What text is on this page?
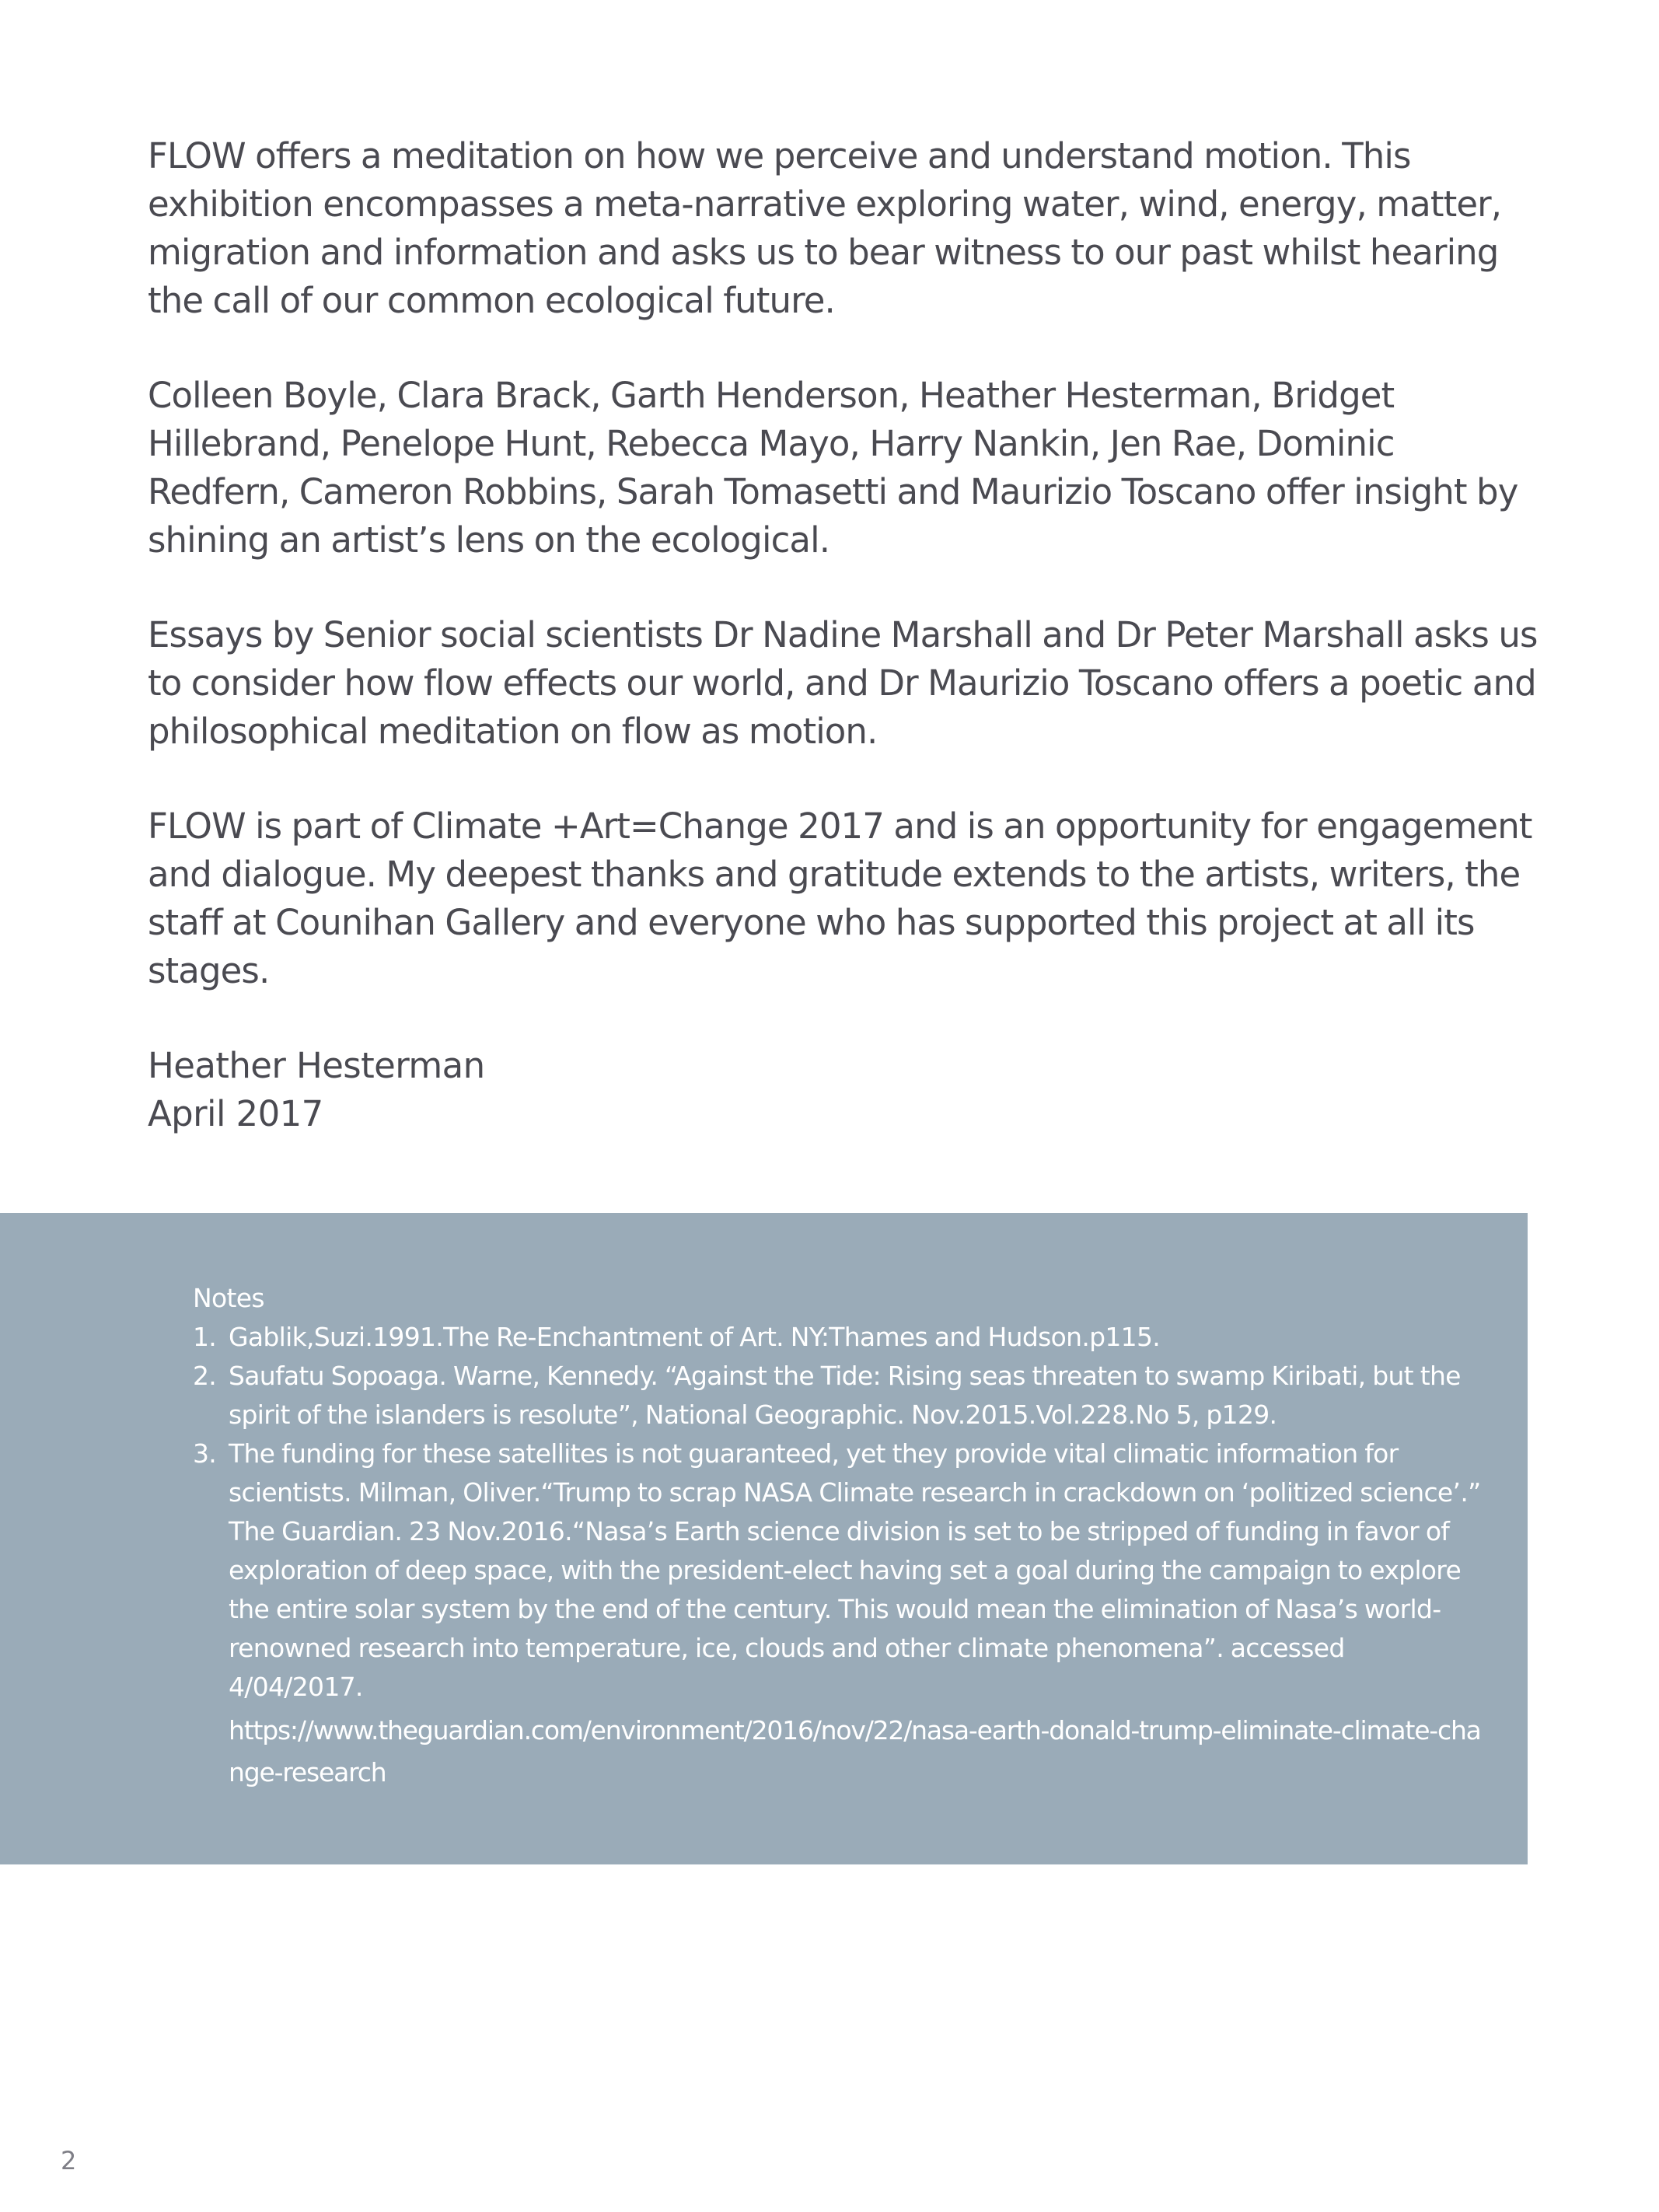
FLOW offers a meditation on how we perceive and understand motion. This exhibition encompasses a meta-narrative exploring water, wind, energy, matter, migration and information and asks us to bear witness to our past whilst hearing the call of our common ecological future.

Colleen Boyle, Clara Brack, Garth Henderson, Heather Hesterman, Bridget Hillebrand, Penelope Hunt, Rebecca Mayo, Harry Nankin, Jen Rae, Dominic Redfern, Cameron Robbins, Sarah Tomasetti and Maurizio Toscano offer insight by shining an artist’s lens on the ecological.

Essays by Senior social scientists Dr Nadine Marshall and Dr Peter Marshall asks us to consider how flow effects our world, and Dr Maurizio Toscano offers a poetic and philosophical meditation on flow as motion.

FLOW is part of Climate +Art=Change 2017 and is an opportunity for engagement and dialogue. My deepest thanks and gratitude extends to the artists, writers, the staff at Counihan Gallery and everyone who has supported this project at all its stages.

Heather Hesterman
April 2017

Notes
1. Gablik,Suzi.1991.The Re-Enchantment of Art. NY:Thames and Hudson.p115.
2. Saufatu Sopoaga. Warne, Kennedy. “Against the Tide: Rising seas threaten to swamp Kiribati, but the spirit of the islanders is resolute”, National Geographic. Nov.2015.Vol.228.No 5, p129.
3. The funding for these satellites is not guaranteed, yet they provide vital climatic information for scientists. Milman, Oliver.“Trump to scrap NASA Climate research in crackdown on ‘politized science’.” The Guardian. 23 Nov.2016.“Nasa’s Earth science division is set to be stripped of funding in favor of exploration of deep space, with the president-elect having set a goal during the campaign to explore the entire solar system by the end of the century. This would mean the elimination of Nasa’s world-renowned research into temperature, ice, clouds and other climate phenomena”. accessed 4/04/2017.
https://www.theguardian.com/environment/2016/nov/22/nasa-earth-donald-trump-eliminate-climate-change-research
2
